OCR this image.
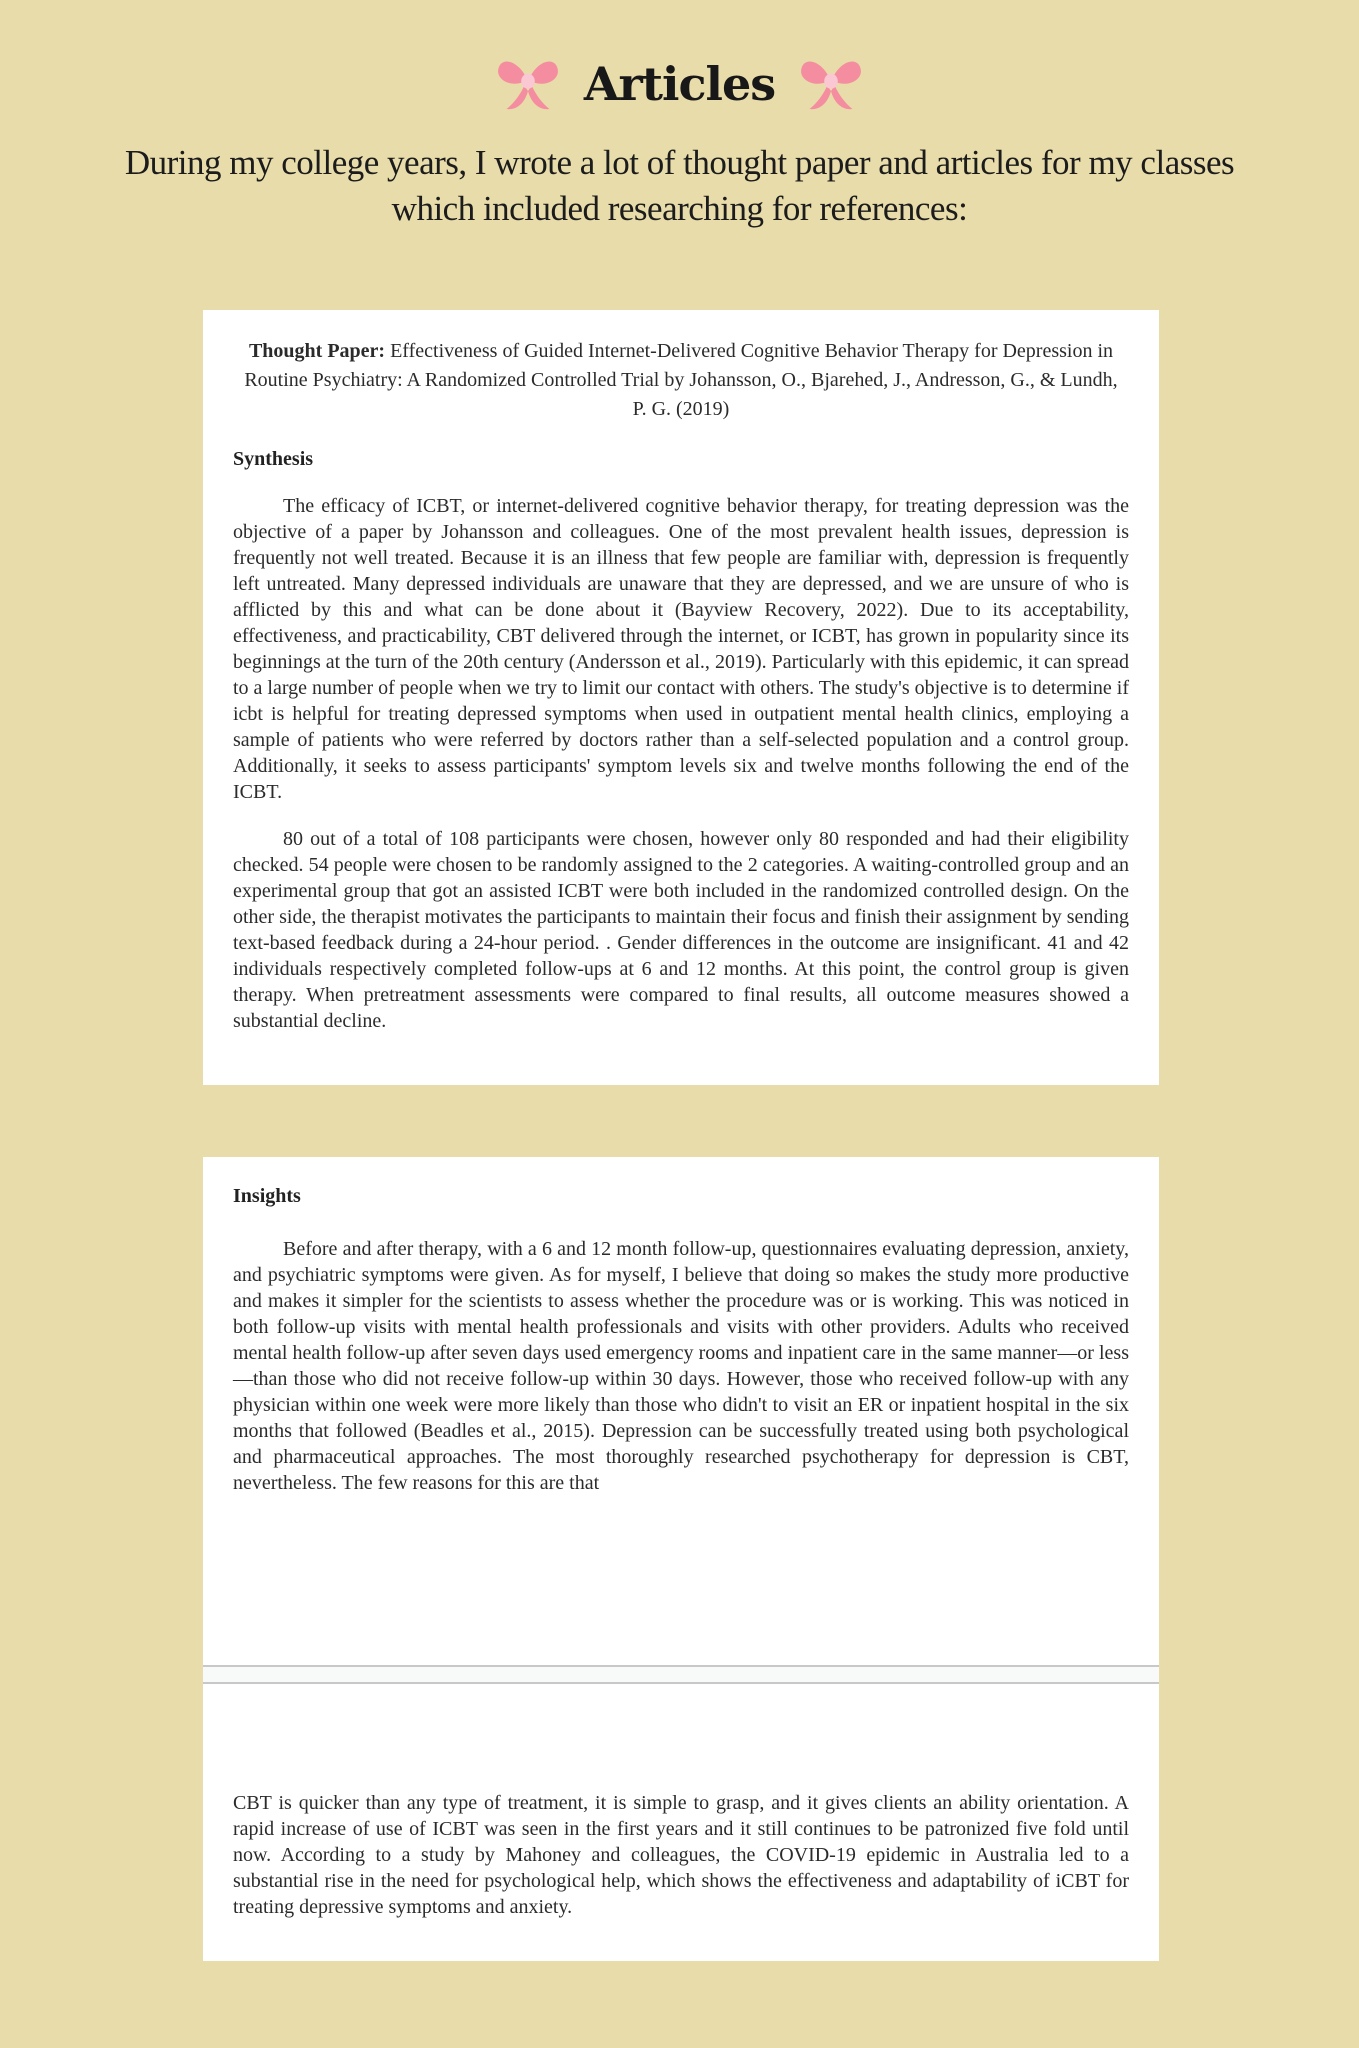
Articles

During my college years, I wrote a lot of thought paper and articles for my classes which included researching for references:

Thought Paper: Effectiveness of Guided Internet-Delivered Cognitive Behavior Therapy for Depression in Routine Psychiatry: A Randomized Controlled Trial by Johansson, O., Bjarehed, J., Andresson, G., & Lundh, P. G. (2019)

Synthesis

The efficacy of ICBT, or internet-delivered cognitive behavior therapy, for treating depression was the objective of a paper by Johansson and colleagues. One of the most prevalent health issues, depression is frequently not well treated. Because it is an illness that few people are familiar with, depression is frequently left untreated. Many depressed individuals are unaware that they are depressed, and we are unsure of who is afflicted by this and what can be done about it (Bayview Recovery, 2022). Due to its acceptability, effectiveness, and practicability, CBT delivered through the internet, or ICBT, has grown in popularity since its beginnings at the turn of the 20th century (Andersson et al., 2019). Particularly with this epidemic, it can spread to a large number of people when we try to limit our contact with others. The study's objective is to determine if icbt is helpful for treating depressed symptoms when used in outpatient mental health clinics, employing a sample of patients who were referred by doctors rather than a self-selected population and a control group. Additionally, it seeks to assess participants' symptom levels six and twelve months following the end of the ICBT.

80 out of a total of 108 participants were chosen, however only 80 responded and had their eligibility checked. 54 people were chosen to be randomly assigned to the 2 categories. A waiting-controlled group and an experimental group that got an assisted ICBT were both included in the randomized controlled design. On the other side, the therapist motivates the participants to maintain their focus and finish their assignment by sending text-based feedback during a 24-hour period. . Gender differences in the outcome are insignificant. 41 and 42 individuals respectively completed follow-ups at 6 and 12 months. At this point, the control group is given therapy. When pretreatment assessments were compared to final results, all outcome measures showed a substantial decline.

Insights

Before and after therapy, with a 6 and 12 month follow-up, questionnaires evaluating depression, anxiety, and psychiatric symptoms were given. As for myself, I believe that doing so makes the study more productive and makes it simpler for the scientists to assess whether the procedure was or is working. This was noticed in both follow-up visits with mental health professionals and visits with other providers. Adults who received mental health follow-up after seven days used emergency rooms and inpatient care in the same manner—or less—than those who did not receive follow-up within 30 days. However, those who received follow-up with any physician within one week were more likely than those who didn't to visit an ER or inpatient hospital in the six months that followed (Beadles et al., 2015). Depression can be successfully treated using both psychological and pharmaceutical approaches. The most thoroughly researched psychotherapy for depression is CBT, nevertheless. The few reasons for this are that

CBT is quicker than any type of treatment, it is simple to grasp, and it gives clients an ability orientation. A rapid increase of use of ICBT was seen in the first years and it still continues to be patronized five fold until now. According to a study by Mahoney and colleagues, the COVID-19 epidemic in Australia led to a substantial rise in the need for psychological help, which shows the effectiveness and adaptability of iCBT for treating depressive symptoms and anxiety.
